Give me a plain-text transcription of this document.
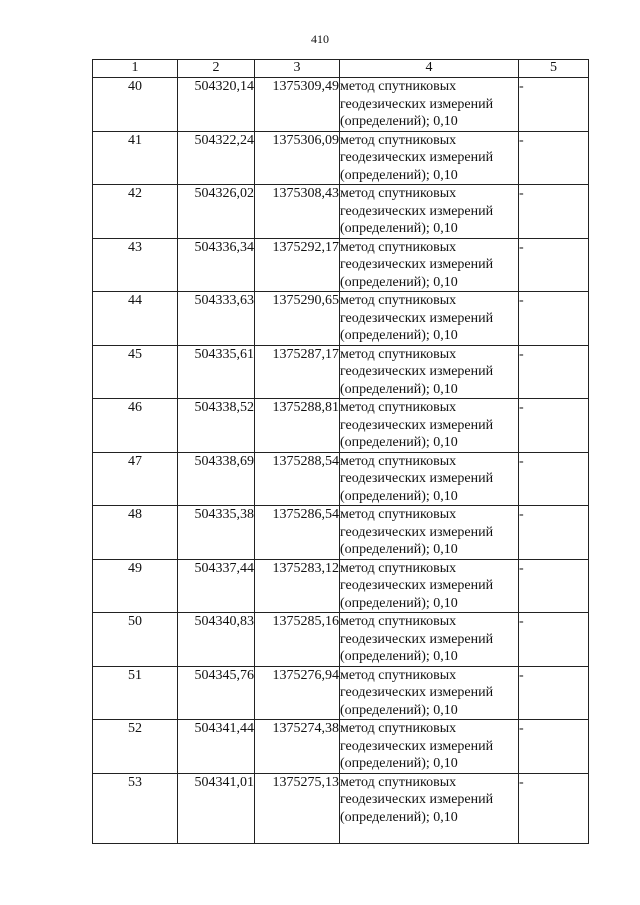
410
1	2	3	4	5
40	504320,14	1375309,49	метод спутниковых
геодезических измерений
(определений); 0,10	-
41	504322,24	1375306,09	метод спутниковых
геодезических измерений
(определений); 0,10	-
42	504326,02	1375308,43	метод спутниковых
геодезических измерений
(определений); 0,10	-
43	504336,34	1375292,17	метод спутниковых
геодезических измерений
(определений); 0,10	-
44	504333,63	1375290,65	метод спутниковых
геодезических измерений
(определений); 0,10	-
45	504335,61	1375287,17	метод спутниковых
геодезических измерений
(определений); 0,10	-
46	504338,52	1375288,81	метод спутниковых
геодезических измерений
(определений); 0,10	-
47	504338,69	1375288,54	метод спутниковых
геодезических измерений
(определений); 0,10	-
48	504335,38	1375286,54	метод спутниковых
геодезических измерений
(определений); 0,10	-
49	504337,44	1375283,12	метод спутниковых
геодезических измерений
(определений); 0,10	-
50	504340,83	1375285,16	метод спутниковых
геодезических измерений
(определений); 0,10	-
51	504345,76	1375276,94	метод спутниковых
геодезических измерений
(определений); 0,10	-
52	504341,44	1375274,38	метод спутниковых
геодезических измерений
(определений); 0,10	-
53	504341,01	1375275,13	метод спутниковых
геодезических измерений
(определений); 0,10	-
